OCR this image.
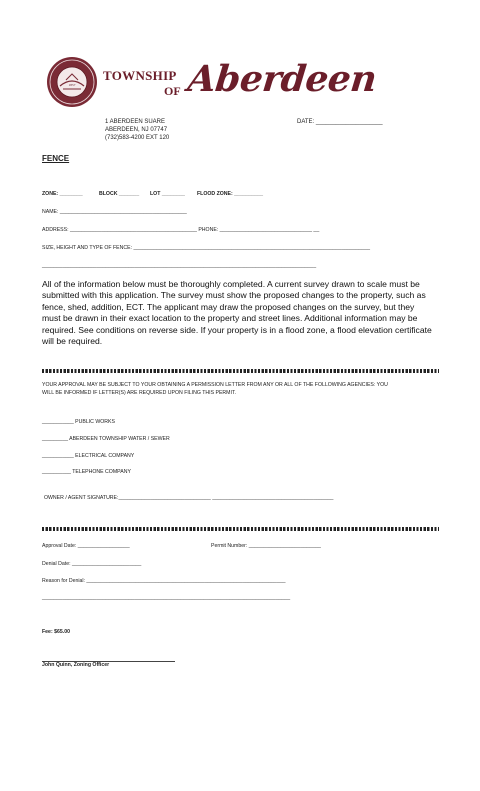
1857
TOWNSHIP
OF Aberdeen
1 ABERDEEN SUARE
ABERDEEN, NJ 07747
(732)583-4200 EXT 120
DATE: ____________________
FENCE
ZONE: ________	BLOCK _______ LOT ________ FLOOD ZONE: __________
NAME: ____________________________________________
ADDRESS: ____________________________________________ PHONE: ________________________________ __
SIZE, HEIGHT AND TYPE OF FENCE: __________________________________________________________________________________
_______________________________________________________________________________________________
All of the information below must be thoroughly completed. A current survey drawn to scale must be submitted with this application. The survey must show the proposed changes to the property, such as fence, shed, addition, ECT. The applicant may draw the proposed changes on the survey, but they must be drawn in their exact location to the property and street lines. Additional information may be required. See conditions on reverse side. If your property is in a flood zone, a flood elevation certificate will be required.
YOUR APPROVAL MAY BE SUBJECT TO YOUR OBTAINING A PERMISSION LETTER FROM ANY OR ALL OF THE FOLLOWING AGENCIES: YOU
WILL BE INFORMED IF LETTER(S) ARE REQUIRED UPON FILING THIS PERMIT.
___________ PUBLIC WORKS
_________ ABERDEEN TOWNSHIP WATER / SEWER
___________ ELECTRICAL COMPANY
__________ TELEPHONE COMPANY
OWNER / AGENT SIGNATURE:________________________________ __________________________________________
Approval Date: __________________	Permit Number: _________________________
Denial Date: ________________________
Reason for Denial: _____________________________________________________________________
______________________________________________________________________________________
Fee: $65.00
John Quinn, Zoning Officer
